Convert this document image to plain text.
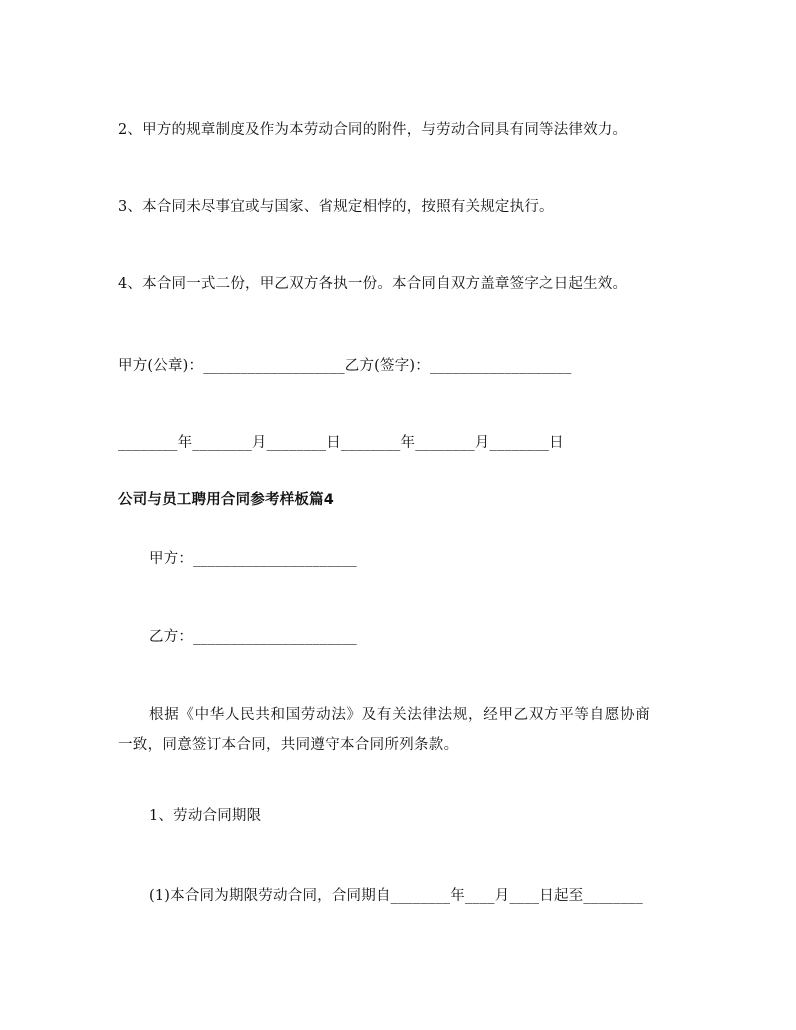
2、甲方的规章制度及作为本劳动合同的附件，与劳动合同具有同等法律效力。
3、本合同未尽事宜或与国家、省规定相悖的，按照有关规定执行。
4、本合同一式二份，甲乙双方各执一份。本合同自双方盖章签字之日起生效。
甲方(公章)：___________________乙方(签字)：___________________
________年________月________日________年________月________日
公司与员工聘用合同参考样板篇4
甲方：______________________
乙方：______________________
根据《中华人民共和国劳动法》及有关法律法规，经甲乙双方平等自愿协商一致，同意签订本合同，共同遵守本合同所列条款。
1、劳动合同期限
(1)本合同为期限劳动合同，合同期自________年____月____日起至________
